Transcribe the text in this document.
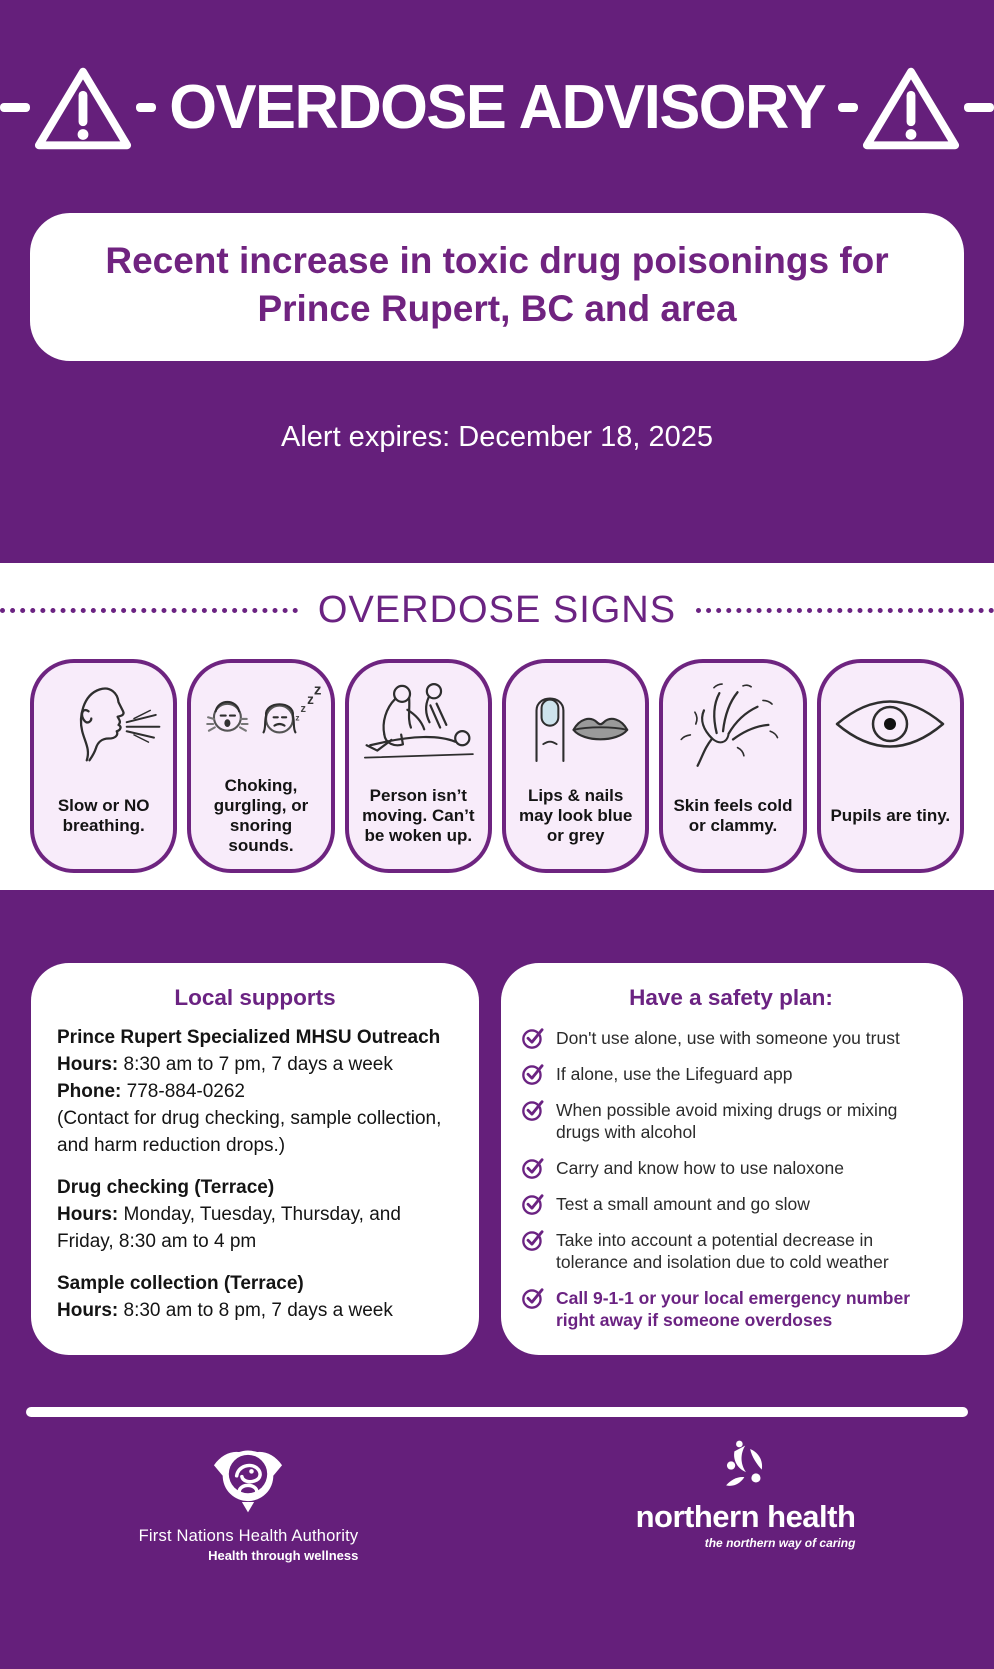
OVERDOSE ADVISORY
Recent increase in toxic drug poisonings for Prince Rupert, BC and area
Alert expires: December 18, 2025
OVERDOSE SIGNS
Slow or NO breathing.
z
z
z
z
Choking, gurgling, or snoring sounds.
Person isn’t moving. Can’t be woken up.
Lips & nails may look blue or grey
Skin feels cold or clammy.
Pupils are tiny.
Local supports
Prince Rupert Specialized MHSU Outreach
Hours: 8:30 am to 7 pm, 7 days a week
Phone: 778-884-0262
(Contact for drug checking, sample collection, and harm reduction drops.)
Drug checking (Terrace)
Hours: Monday, Tuesday, Thursday, and Friday, 8:30 am to 4 pm
Sample collection (Terrace)
Hours: 8:30 am to 8 pm, 7 days a week
Have a safety plan:
Don't use alone, use with someone you trust
If alone, use the Lifeguard app
When possible avoid mixing drugs or mixing drugs with alcohol
Carry and know how to use naloxone
Test a small amount and go slow
Take into account a potential decrease in tolerance and isolation due to cold weather
Call 9-1-1 or your local emergency number right away if someone overdoses
First Nations Health Authority
Health through wellness
northern health
the northern way of caring
